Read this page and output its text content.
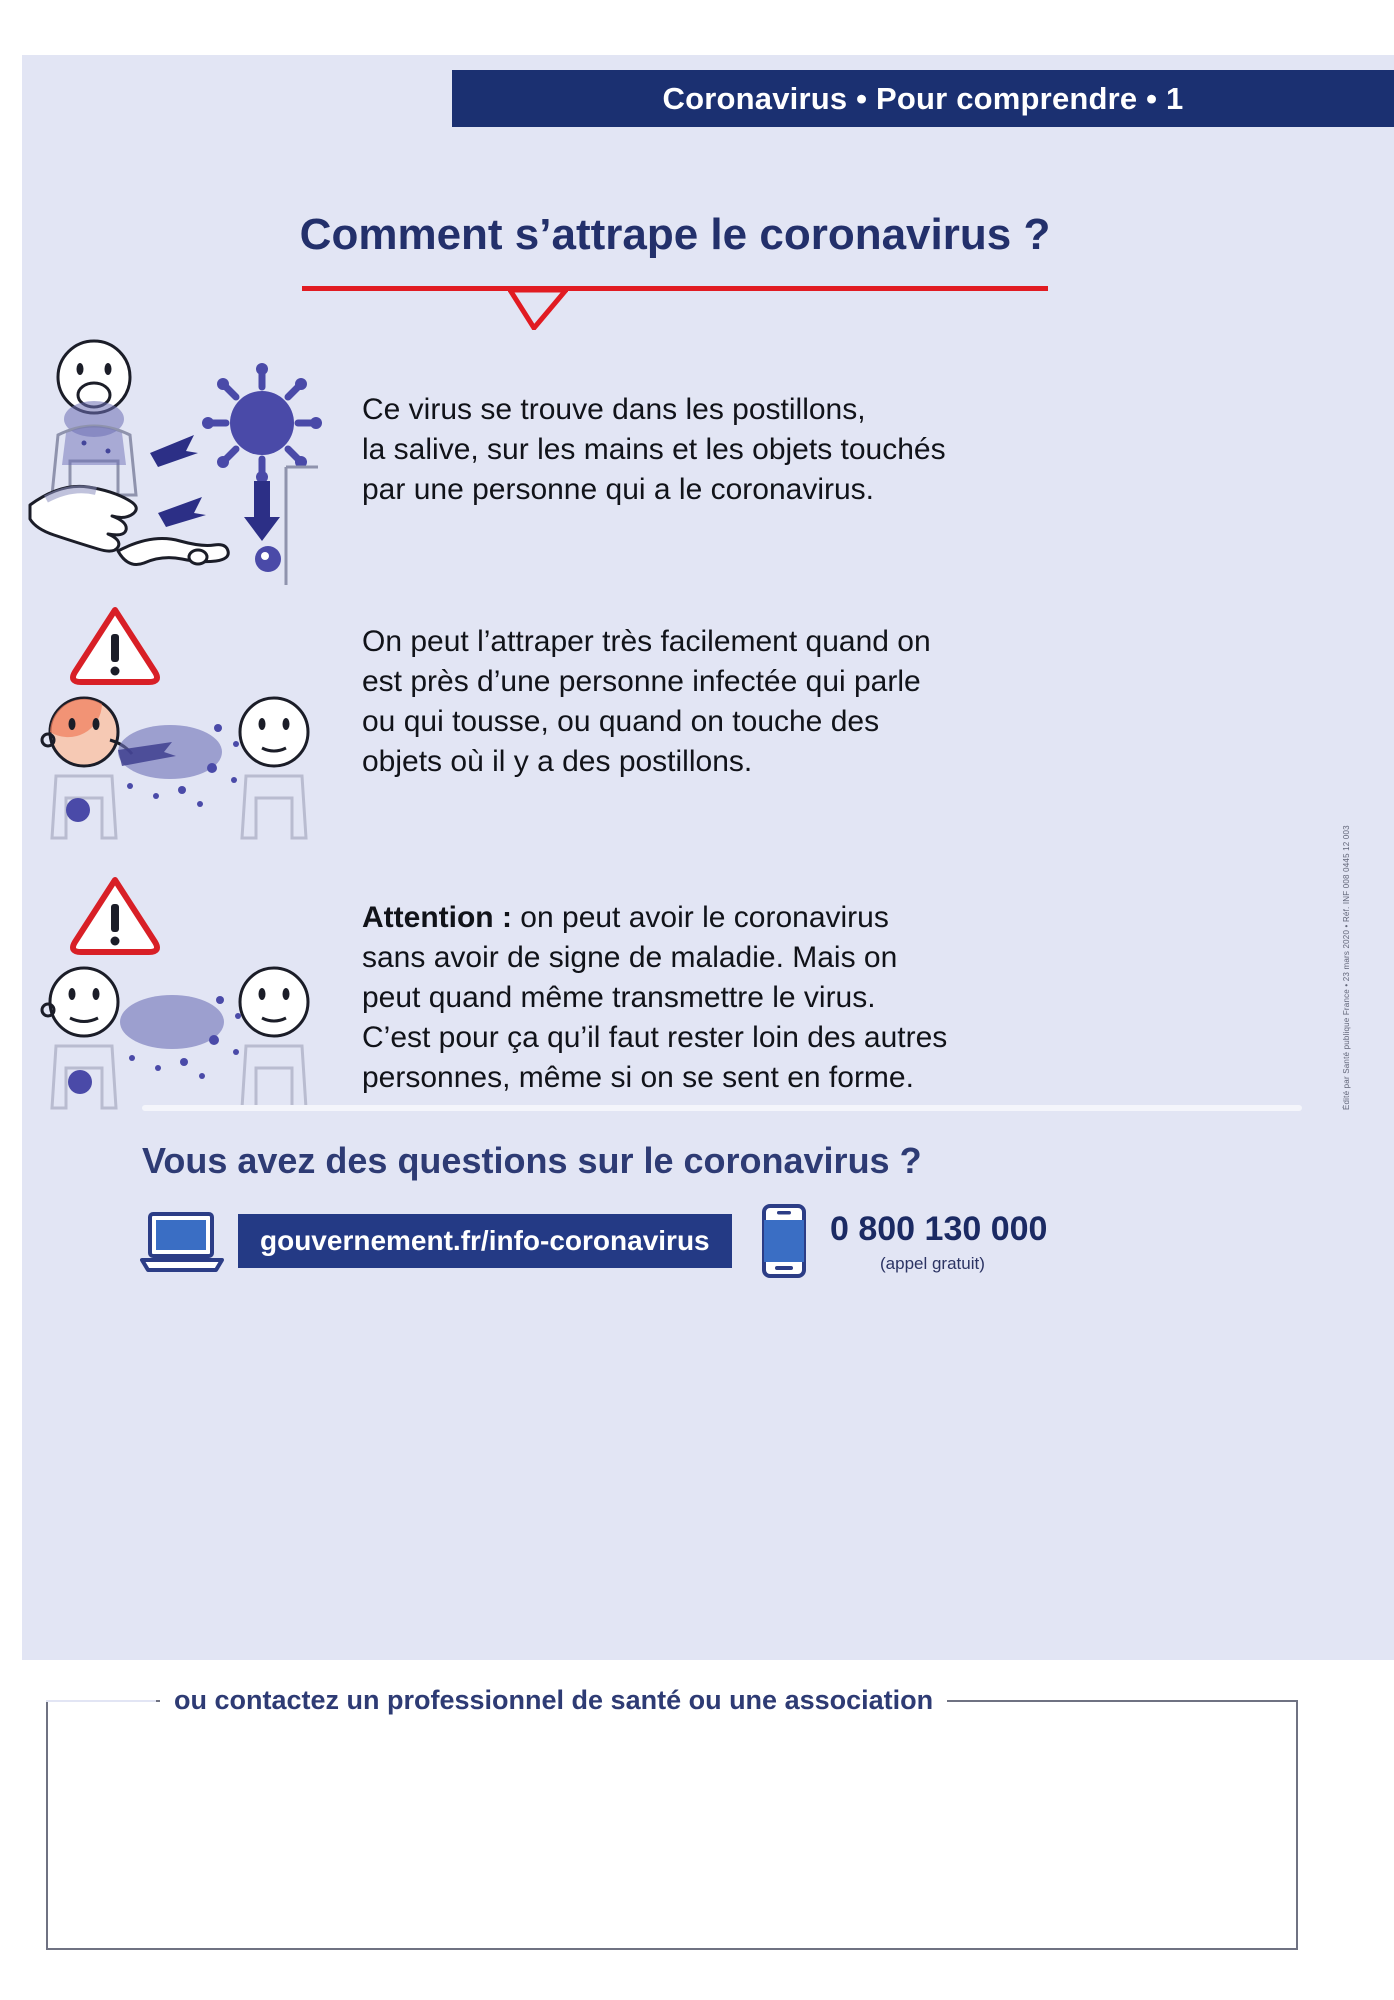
Coronavirus • Pour comprendre • 1
Comment s’attrape le coronavirus ?
Ce virus se trouve dans les postillons,
la salive, sur les mains et les objets touchés
par une personne qui a le coronavirus.
On peut l’attraper très facilement quand on
est près d’une personne infectée qui parle
ou qui tousse, ou quand on touche des
objets où il y a des postillons.
Attention : on peut avoir le coronavirus
sans avoir de signe de maladie. Mais on
peut quand même transmettre le virus.
C’est pour ça qu’il faut rester loin des autres
personnes, même si on se sent en forme.	Édité par Santé publique France • 23 mars 2020 • Réf. INF 008 0445 12 003
Vous avez des questions sur le coronavirus ?
gouvernement.fr/info-coronavirus	0 800 130 000
(appel gratuit)
ou contactez un professionnel de santé ou une association
